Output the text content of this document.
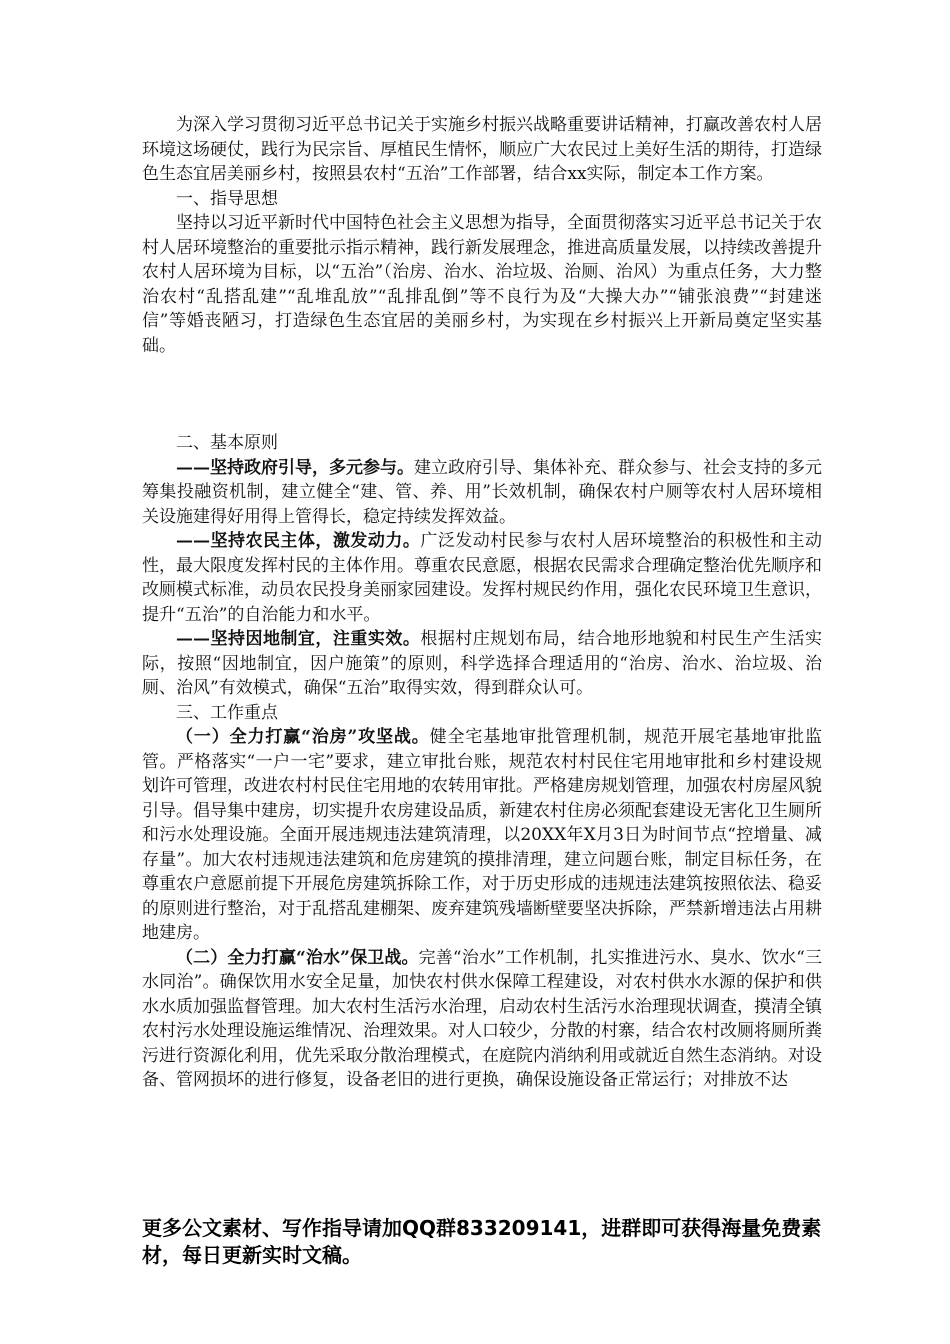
为深入学习贯彻习近平总书记关于实施乡村振兴战略重要讲话精神，打赢改善农村人居环境这场硬仗，践行为民宗旨、厚植民生情怀，顺应广大农民过上美好生活的期待，打造绿色生态宜居美丽乡村，按照县农村“五治”工作部署，结合xx实际，制定本工作方案。

一、指导思想

坚持以习近平新时代中国特色社会主义思想为指导，全面贯彻落实习近平总书记关于农村人居环境整治的重要批示指示精神，践行新发展理念，推进高质量发展，以持续改善提升农村人居环境为目标，以“五治”（治房、治水、治垃圾、治厕、治风）为重点任务，大力整治农村“乱搭乱建”“乱堆乱放”“乱排乱倒”等不良行为及“大操大办”“铺张浪费”“封建迷信”等婚丧陋习，打造绿色生态宜居的美丽乡村，为实现在乡村振兴上开新局奠定坚实基础。

二、基本原则

——坚持政府引导，多元参与。建立政府引导、集体补充、群众参与、社会支持的多元筹集投融资机制，建立健全“建、管、养、用”长效机制，确保农村户厕等农村人居环境相关设施建得好用得上管得长，稳定持续发挥效益。

——坚持农民主体，激发动力。广泛发动村民参与农村人居环境整治的积极性和主动性，最大限度发挥村民的主体作用。尊重农民意愿，根据农民需求合理确定整治优先顺序和改厕模式标准，动员农民投身美丽家园建设。发挥村规民约作用，强化农民环境卫生意识，提升“五治”的自治能力和水平。

——坚持因地制宜，注重实效。根据村庄规划布局，结合地形地貌和村民生产生活实际，按照“因地制宜，因户施策”的原则，科学选择合理适用的“治房、治水、治垃圾、治厕、治风”有效模式，确保“五治”取得实效，得到群众认可。

三、工作重点

（一）全力打赢“治房”攻坚战。健全宅基地审批管理机制，规范开展宅基地审批监管。严格落实“一户一宅”要求，建立审批台账，规范农村村民住宅用地审批和乡村建设规划许可管理，改进农村村民住宅用地的农转用审批。严格建房规划管理，加强农村房屋风貌引导。倡导集中建房，切实提升农房建设品质，新建农村住房必须配套建设无害化卫生厕所和污水处理设施。全面开展违规违法建筑清理，以20XX年X月3日为时间节点“控增量、减存量”。加大农村违规违法建筑和危房建筑的摸排清理，建立问题台账，制定目标任务，在尊重农户意愿前提下开展危房建筑拆除工作，对于历史形成的违规违法建筑按照依法、稳妥的原则进行整治，对于乱搭乱建棚架、废弃建筑残墙断壁要坚决拆除，严禁新增违法占用耕地建房。

（二）全力打赢“治水”保卫战。完善“治水”工作机制，扎实推进污水、臭水、饮水“三水同治”。确保饮用水安全足量，加快农村供水保障工程建设，对农村供水水源的保护和供水水质加强监督管理。加大农村生活污水治理，启动农村生活污水治理现状调查，摸清全镇农村污水处理设施运维情况、治理效果。对人口较少，分散的村寨，结合农村改厕将厕所粪污进行资源化利用，优先采取分散治理模式，在庭院内消纳利用或就近自然生态消纳。对设备、管网损坏的进行修复，设备老旧的进行更换，确保设施设备正常运行；对排放不达

更多公文素材、写作指导请加QQ群833209141，进群即可获得海量免费素材，每日更新实时文稿。
